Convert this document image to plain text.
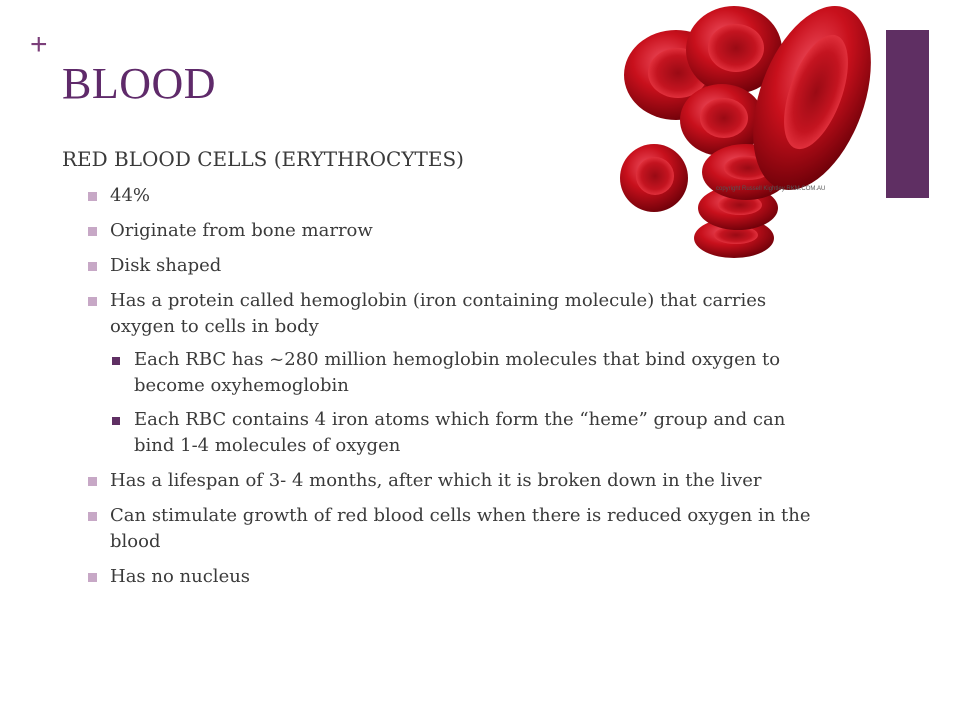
+
BLOOD
copyright Russell Kightley RKM.COM.AU
RED BLOOD CELLS (ERYTHROCYTES)
44%
Originate from bone marrow
Disk shaped
Has a protein called hemoglobin (iron containing molecule) that carries oxygen to cells in body
Each RBC has ~280 million hemoglobin molecules that bind oxygen to become oxyhemoglobin
Each RBC contains 4 iron atoms which form the “heme” group and can bind 1-4 molecules of oxygen
Has a lifespan of 3- 4 months, after which it is broken down in the liver
Can stimulate growth of red blood cells when there is reduced oxygen in the blood
Has no nucleus
